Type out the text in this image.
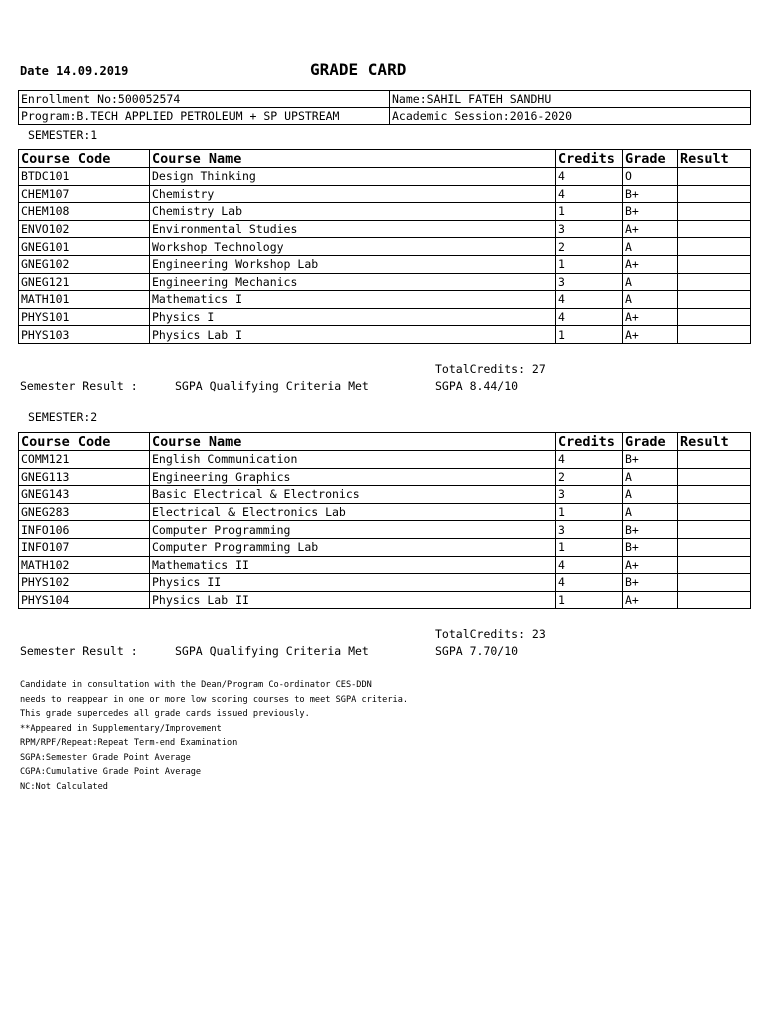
Date 14.09.2019	GRADE CARD
Enrollment No:500052574	Name:SAHIL FATEH SANDHU
Program:B.TECH APPLIED PETROLEUM + SP UPSTREAM	Academic Session:2016-2020
SEMESTER:1
Course Code	Course Name	Credits	Grade	Result
BTDC101	Design Thinking	4	O	
CHEM107	Chemistry	4	B+	
CHEM108	Chemistry Lab	1	B+	
ENVO102	Environmental Studies	3	A+	
GNEG101	Workshop Technology	2	A	
GNEG102	Engineering Workshop Lab	1	A+	
GNEG121	Engineering Mechanics	3	A	
MATH101	Mathematics I	4	A	
PHYS101	Physics I	4	A+	
PHYS103	Physics Lab I	1	A+	
TotalCredits: 27
Semester Result :	SGPA Qualifying Criteria Met	SGPA 8.44/10
SEMESTER:2
Course Code	Course Name	Credits	Grade	Result
COMM121	English Communication	4	B+	
GNEG113	Engineering Graphics	2	A	
GNEG143	Basic Electrical & Electronics	3	A	
GNEG283	Electrical & Electronics Lab	1	A	
INFO106	Computer Programming	3	B+	
INFO107	Computer Programming Lab	1	B+	
MATH102	Mathematics II	4	A+	
PHYS102	Physics II	4	B+	
PHYS104	Physics Lab II	1	A+	
TotalCredits: 23
Semester Result :	SGPA Qualifying Criteria Met	SGPA 7.70/10
Candidate in consultation with the Dean/Program Co-ordinator CES-DDN
needs to reappear in one or more low scoring courses to meet SGPA criteria.
This grade supercedes all grade cards issued previously.
**Appeared in Supplementary/Improvement
RPM/RPF/Repeat:Repeat Term-end Examination
SGPA:Semester Grade Point Average
CGPA:Cumulative Grade Point Average
NC:Not Calculated
